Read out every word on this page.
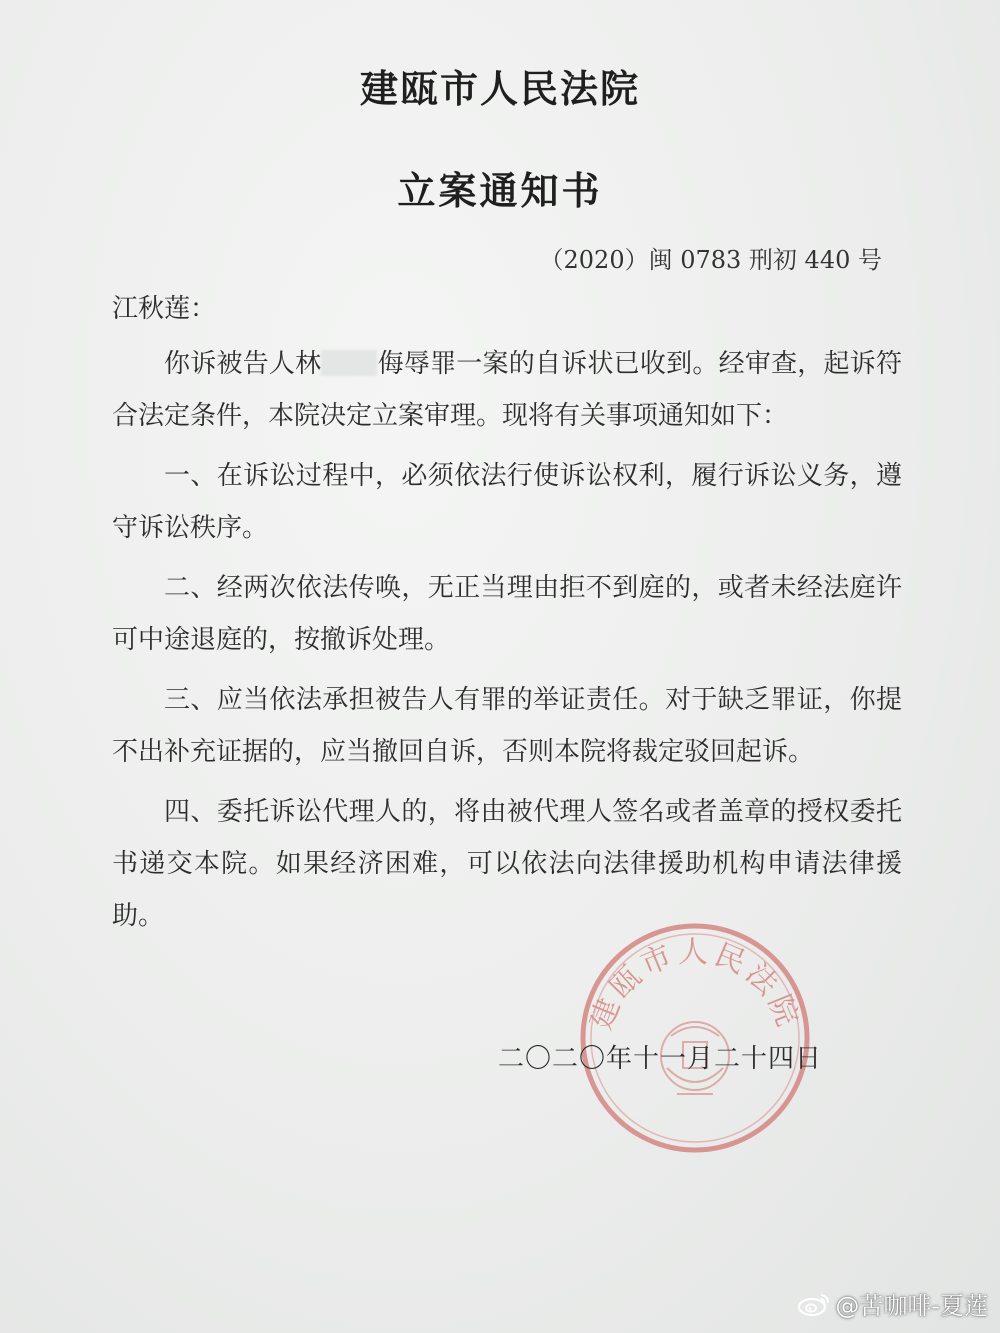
建瓯市人民法院
立案通知书
（2020）闽 0783 刑初 440 号
江秋莲：

你诉被告人林 侮辱罪一案的自诉状已收到。经审查，起诉符合法定条件，本院决定立案审理。现将有关事项通知如下：

一、在诉讼过程中，必须依法行使诉讼权利，履行诉讼义务，遵守诉讼秩序。

二、经两次依法传唤，无正当理由拒不到庭的，或者未经法庭许可中途退庭的，按撤诉处理。

三、应当依法承担被告人有罪的举证责任。对于缺乏罪证，你提不出补充证据的，应当撤回自诉，否则本院将裁定驳回起诉。

四、委托诉讼代理人的，将由被代理人签名或者盖章的授权委托书递交本院。如果经济困难，可以依法向法律援助机构申请法律援助。

建瓯市人民法院
二〇二〇年十一月二十四日
@苦咖啡-夏莲
